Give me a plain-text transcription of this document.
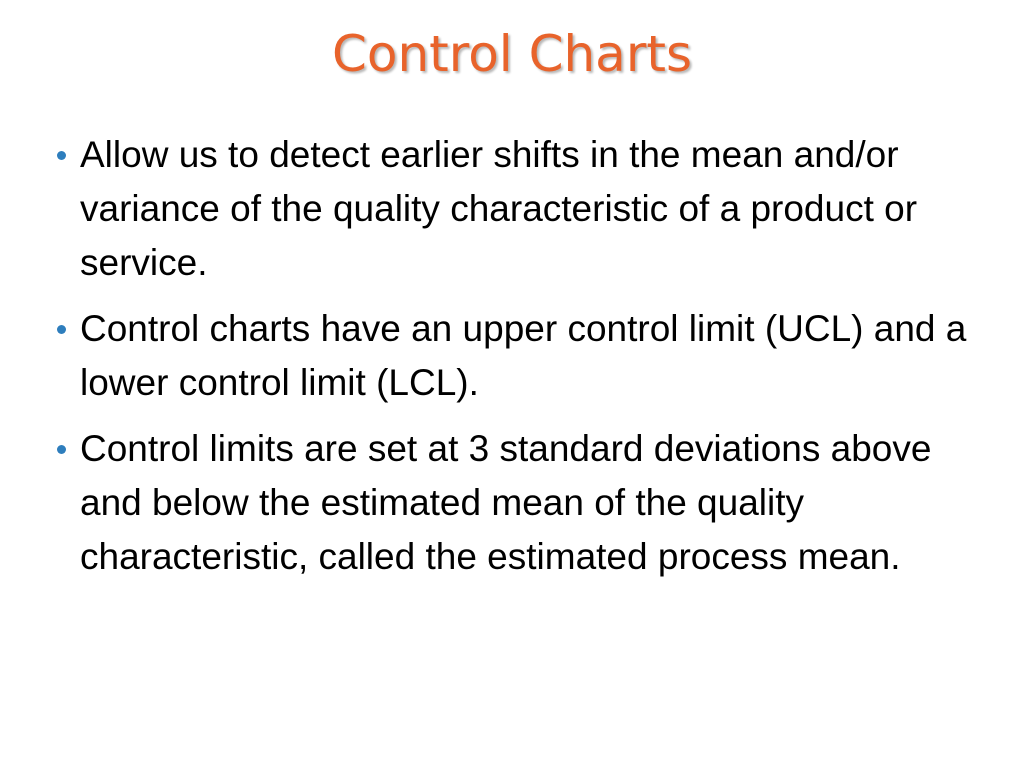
Control Charts
Allow us to detect earlier shifts in the mean and/or variance of the quality characteristic of a product or service.
Control charts have an upper control limit (UCL) and a lower control limit (LCL).
Control limits are set at 3 standard deviations above and below the estimated mean of the quality characteristic, called the estimated process mean.
